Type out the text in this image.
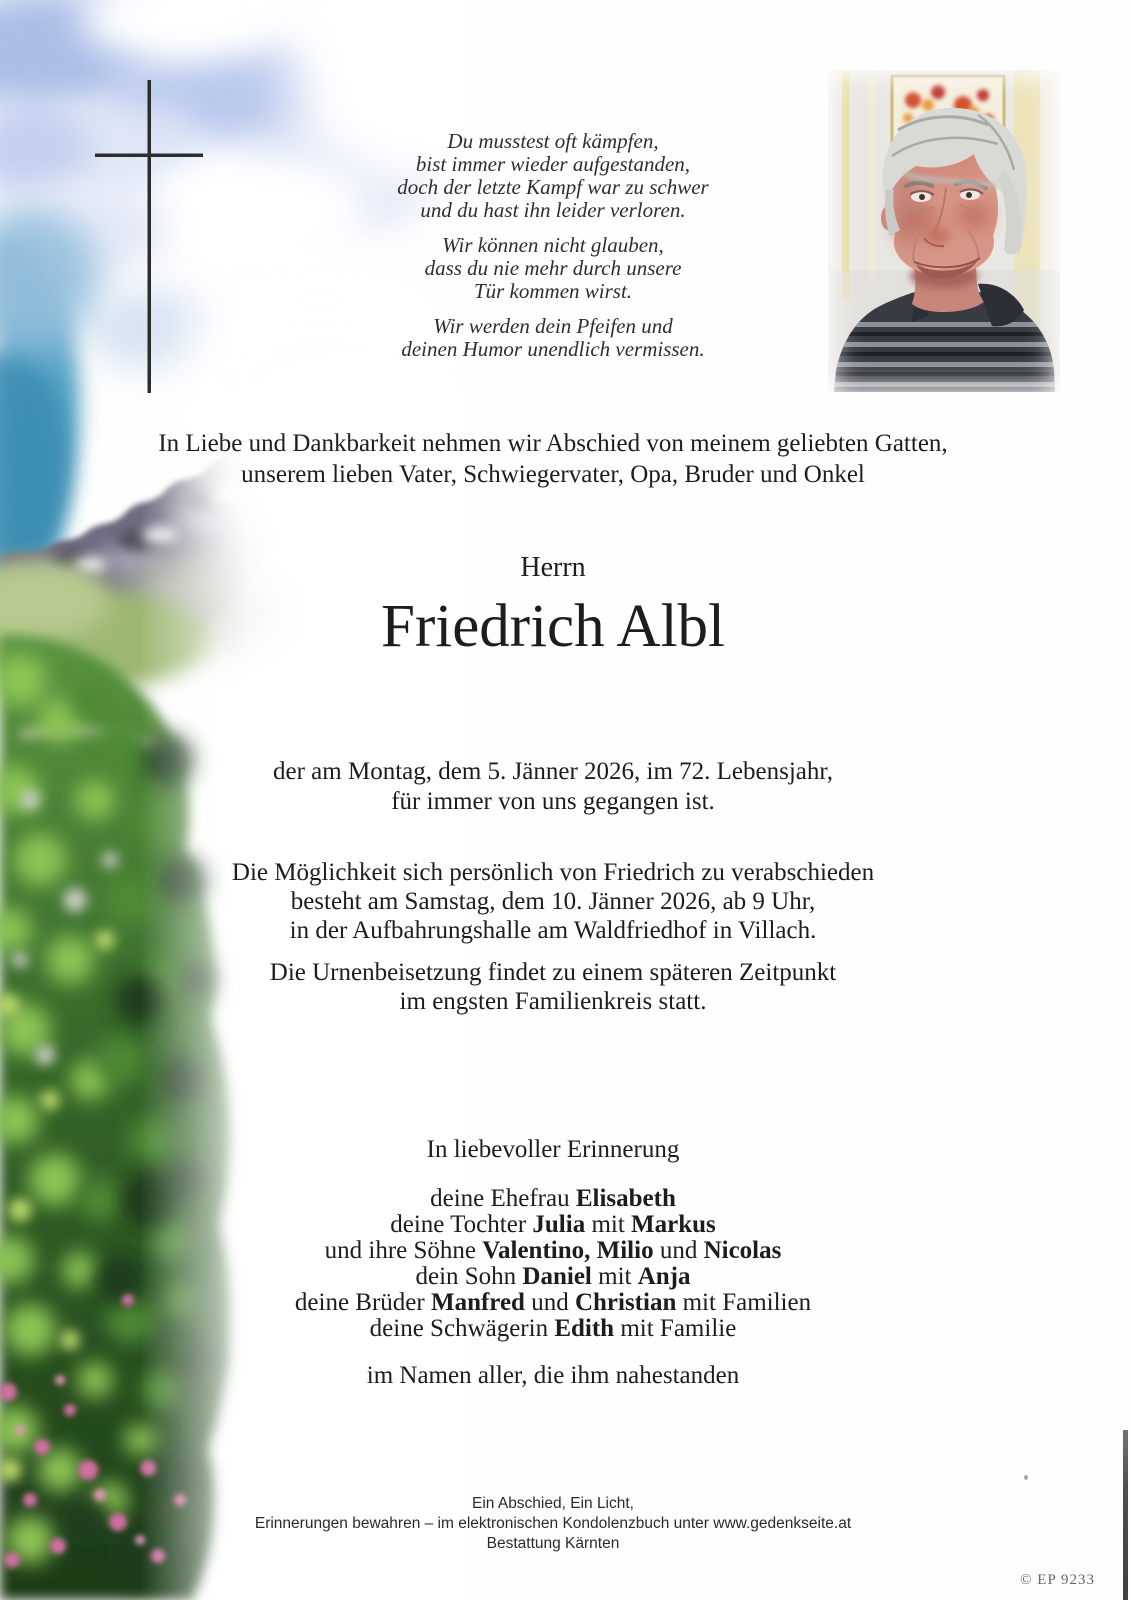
Du musstest oft kämpfen,
bist immer wieder aufgestanden,
doch der letzte Kampf war zu schwer
und du hast ihn leider verloren.
Wir können nicht glauben,
dass du nie mehr durch unsere
Tür kommen wirst.
Wir werden dein Pfeifen und
deinen Humor unendlich vermissen.
In Liebe und Dankbarkeit nehmen wir Abschied von meinem geliebten Gatten,
unserem lieben Vater, Schwiegervater, Opa, Bruder und Onkel
Herrn
Friedrich Albl
der am Montag, dem 5. Jänner 2026, im 72. Lebensjahr,
für immer von uns gegangen ist.
Die Möglichkeit sich persönlich von Friedrich zu verabschieden
besteht am Samstag, dem 10. Jänner 2026, ab 9 Uhr,
in der Aufbahrungshalle am Waldfriedhof in Villach.
Die Urnenbeisetzung findet zu einem späteren Zeitpunkt
im engsten Familienkreis statt.
In liebevoller Erinnerung
deine Ehefrau Elisabeth
deine Tochter Julia mit Markus
und ihre Söhne Valentino, Milio und Nicolas
dein Sohn Daniel mit Anja
deine Brüder Manfred und Christian mit Familien
deine Schwägerin Edith mit Familie
im Namen aller, die ihm nahestanden
Ein Abschied, Ein Licht,
Erinnerungen bewahren – im elektronischen Kondolenzbuch unter www.gedenkseite.at
Bestattung Kärnten
© EP 9233
